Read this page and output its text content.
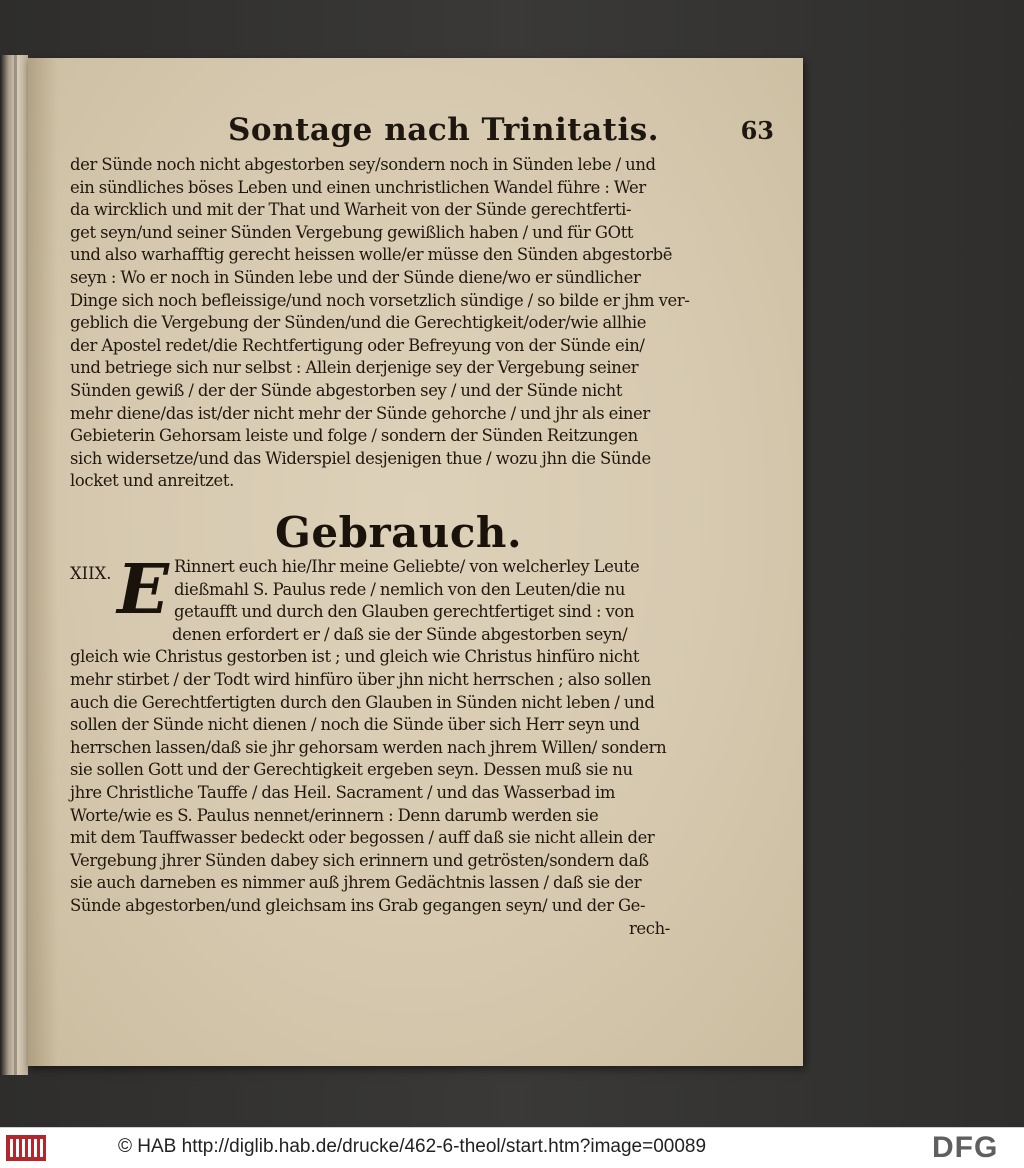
Sontage nach Trinitatis.	63
der Sünde noch nicht abgestorben sey/sondern noch in Sünden lebe / und
ein sündliches böses Leben und einen unchristlichen Wandel führe : Wer
da wircklich und mit der That und Warheit von der Sünde gerechtferti-
get seyn/und seiner Sünden Vergebung gewißlich haben / und für GOtt
und also warhafftig gerecht heissen wolle/er müsse den Sünden abgestorbē
seyn : Wo er noch in Sünden lebe und der Sünde diene/wo er sündlicher
Dinge sich noch befleissige/und noch vorsetzlich sündige / so bilde er jhm ver-
geblich die Vergebung der Sünden/und die Gerechtigkeit/oder/wie allhie
der Apostel redet/die Rechtfertigung oder Befreyung von der Sünde ein/
und betriege sich nur selbst : Allein derjenige sey der Vergebung seiner
Sünden gewiß / der der Sünde abgestorben sey / und der Sünde nicht
mehr diene/das ist/der nicht mehr der Sünde gehorche / und jhr als einer
Gebieterin Gehorsam leiste und folge / sondern der Sünden Reitzungen
sich widersetze/und das Widerspiel desjenigen thue / wozu jhn die Sünde
locket und anreitzet.
Gebrauch.
XIIX. E Rinnert euch hie/Ihr meine Geliebte/ von welcherley Leute
dießmahl S. Paulus rede / nemlich von den Leuten/die nu
getaufft und durch den Glauben gerechtfertiget sind : von
denen erfordert er / daß sie der Sünde abgestorben seyn/
gleich wie Christus gestorben ist ; und gleich wie Christus hinfüro nicht
mehr stirbet / der Todt wird hinfüro über jhn nicht herrschen ; also sollen
auch die Gerechtfertigten durch den Glauben in Sünden nicht leben / und
sollen der Sünde nicht dienen / noch die Sünde über sich Herr seyn und
herrschen lassen/daß sie jhr gehorsam werden nach jhrem Willen/ sondern
sie sollen Gott und der Gerechtigkeit ergeben seyn. Dessen muß sie nu
jhre Christliche Tauffe / das Heil. Sacrament / und das Wasserbad im
Worte/wie es S. Paulus nennet/erinnern : Denn darumb werden sie
mit dem Tauffwasser bedeckt oder begossen / auff daß sie nicht allein der
Vergebung jhrer Sünden dabey sich erinnern und getrösten/sondern daß
sie auch darneben es nimmer auß jhrem Gedächtnis lassen / daß sie der
Sünde abgestorben/und gleichsam ins Grab gegangen seyn/ und der Ge-
rech-
© HAB http://diglib.hab.de/drucke/462-6-theol/start.htm?image=00089	DFG
